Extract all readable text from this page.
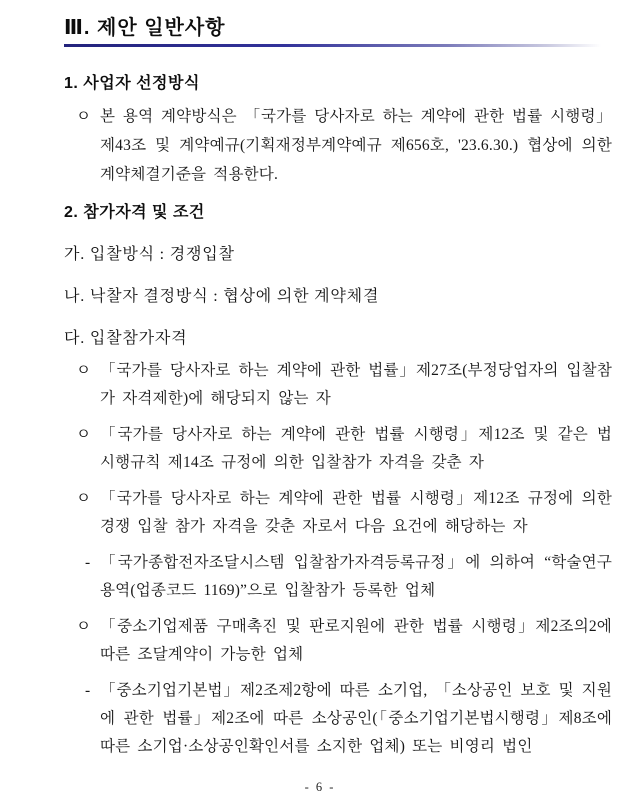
Ⅲ. 제안 일반사항
1. 사업자 선정방식
ㅇ 본 용역 계약방식은 「국가를 당사자로 하는 계약에 관한 법률 시행령」제43조 및 계약예규(기획재정부계약예규 제656호, '23.6.30.) 협상에 의한 계약체결기준을 적용한다.
2. 참가자격 및 조건

가. 입찰방식 : 경쟁입찰

나. 낙찰자 결정방식 : 협상에 의한 계약체결

다. 입찰참가자격

ㅇ 「국가를 당사자로 하는 계약에 관한 법률」제27조(부정당업자의 입찰참가 자격제한)에 해당되지 않는 자
ㅇ 「국가를 당사자로 하는 계약에 관한 법률 시행령」제12조 및 같은 법 시행규칙 제14조 규정에 의한 입찰참가 자격을 갖춘 자
ㅇ 「국가를 당사자로 하는 계약에 관한 법률 시행령」제12조 규정에 의한 경쟁 입찰 참가 자격을 갖춘 자로서 다음 요건에 해당하는 자
- 「국가종합전자조달시스템 입찰참가자격등록규정」에 의하여 “학술연구용역(업종코드 1169)”으로 입찰참가 등록한 업체
ㅇ 「중소기업제품 구매촉진 및 판로지원에 관한 법률 시행령」제2조의2에 따른 조달계약이 가능한 업체
- 「중소기업기본법」제2조제2항에 따른 소기업, 「소상공인 보호 및 지원에 관한 법률」제2조에 따른 소상공인(「중소기업기본법시행령」제8조에 따른 소기업·소상공인확인서를 소지한 업체) 또는 비영리 법인
- 6 -
